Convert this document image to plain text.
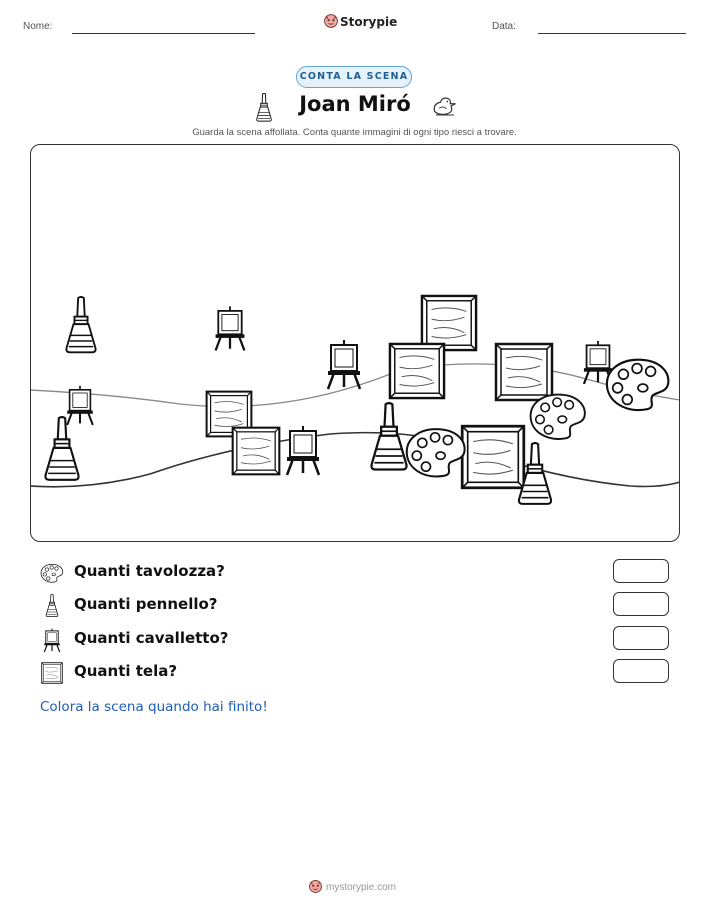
Nome:	Storypie	Data:
CONTA LA SCENA
Joan Miró
Guarda la scena affollata. Conta quante immagini di ogni tipo riesci a trovare.
Quanti tavolozza?
Quanti pennello?
Quanti cavalletto?
Quanti tela?
Colora la scena quando hai finito!
mystorypie.com
